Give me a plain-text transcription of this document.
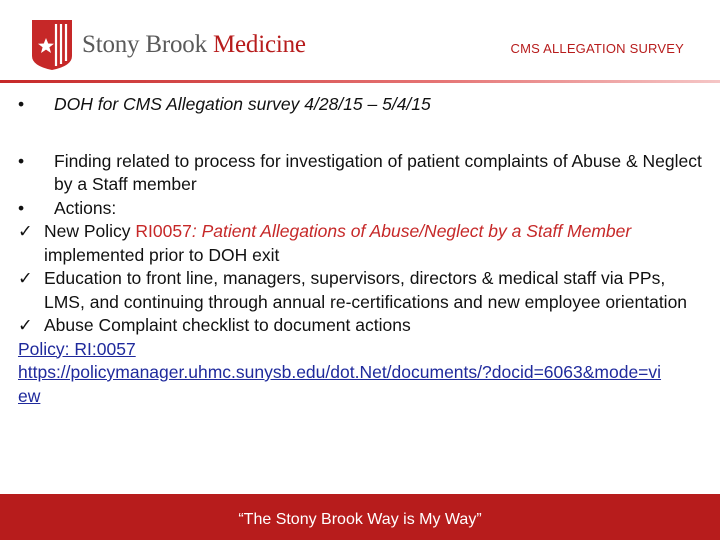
Stony Brook Medicine	CMS ALLEGATION SURVEY
•	DOH for CMS Allegation survey 4/28/15 – 5/4/15
•	Finding related to process for investigation of patient complaints of Abuse & Neglect by a Staff member
•	Actions:
✓ New Policy RI0057: Patient Allegations of Abuse/Neglect by a Staff Member implemented prior to DOH exit
✓ Education to front line, managers, supervisors, directors & medical staff via PPs, LMS, and continuing through annual re-certifications and new employee orientation
✓ Abuse Complaint checklist to document actions
Policy: RI:0057
https://policymanager.uhmc.sunysb.edu/dot.Net/documents/?docid=6063&mode=view
“The Stony Brook Way is My Way”
